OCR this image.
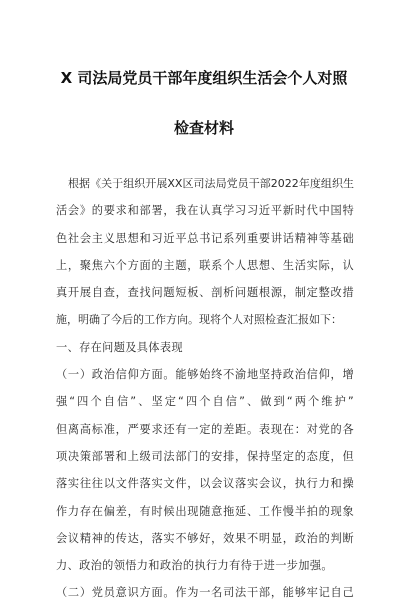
X 司法局党员干部年度组织生活会个人对照
检查材料
根据《关于组织开展XX区司法局党员干部2022年度组织生
活会》的要求和部署，我在认真学习习近平新时代中国特
色社会主义思想和习近平总书记系列重要讲话精神等基础
上，聚焦六个方面的主题，联系个人思想、生活实际，认
真开展自查，查找问题短板、剖析问题根源，制定整改措
施，明确了今后的工作方向。现将个人对照检查汇报如下：
一、存在问题及具体表现
（一）政治信仰方面。能够始终不渝地坚持政治信仰，增
强“四个自信”、坚定“四个自信”、做到“两个维护”
但离高标准，严要求还有一定的差距。表现在：对党的各
项决策部署和上级司法部门的安排，保持坚定的态度，但
落实往往以文件落实文件，以会议落实会议，执行力和操
作力存在偏差，有时候出现随意拖延、工作慢半拍的现象
会议精神的传达，落实不够好，效果不明显，政治的判断
力、政治的领悟力和政治的执行力有待于进一步加强。
（二）党员意识方面。作为一名司法干部，能够牢记自己
